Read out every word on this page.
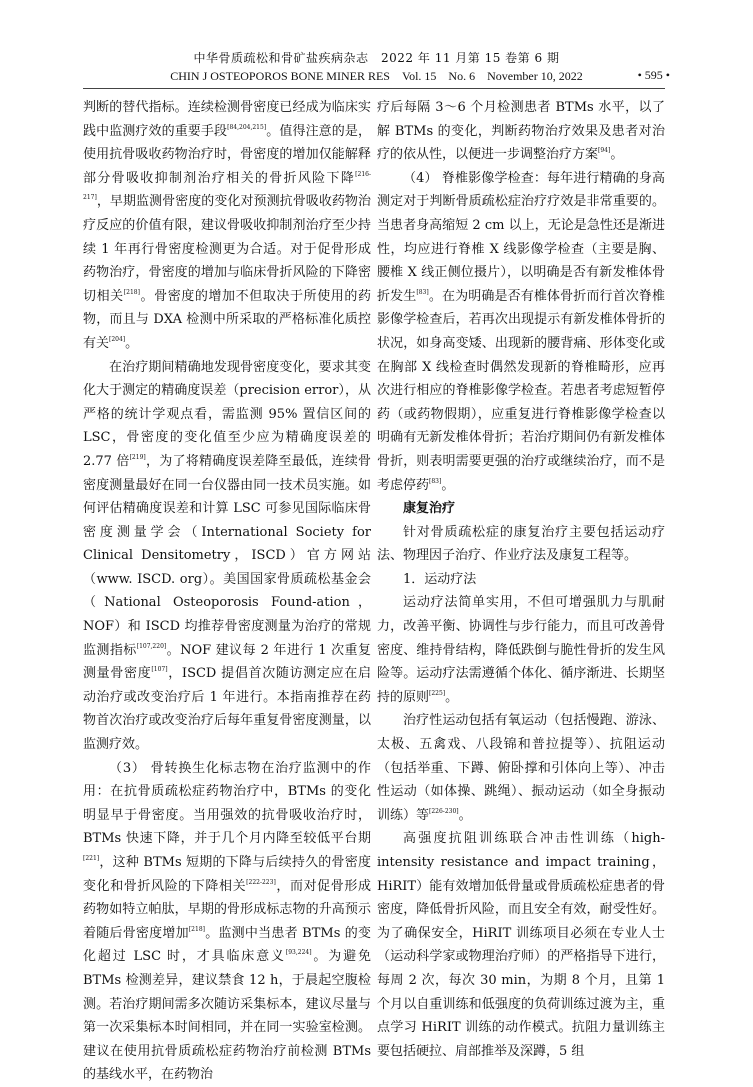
中华骨质疏松和骨矿盐疾病杂志　2022 年 11 月第 15 卷第 6 期
CHIN J OSTEOPOROS BONE MINER RES　Vol. 15　No. 6　November 10, 2022	• 595 •

判断的替代指标。连续检测骨密度已经成为临床实践中监测疗效的重要手段[84,204,215]。值得注意的是，使用抗骨吸收药物治疗时，骨密度的增加仅能解释部分骨吸收抑制剂治疗相关的骨折风险下降[216-217]，早期监测骨密度的变化对预测抗骨吸收药物治疗反应的价值有限，建议骨吸收抑制剂治疗至少持续 1 年再行骨密度检测更为合适。对于促骨形成药物治疗，骨密度的增加与临床骨折风险的下降密切相关[218]。骨密度的增加不但取决于所使用的药物，而且与 DXA 检测中所采取的严格标准化质控有关[204]。

在治疗期间精确地发现骨密度变化，要求其变化大于测定的精确度误差（precision error），从严格的统计学观点看，需监测 95% 置信区间的 LSC，骨密度的变化值至少应为精确度误差的 2.77 倍[219]，为了将精确度误差降至最低，连续骨密度测量最好在同一台仪器由同一技术员实施。如何评估精确度误差和计算 LSC 可参见国际临床骨密度测量学会（International Society for Clinical Densitometry，ISCD）官方网站（www. ISCD. org）。美国国家骨质疏松基金会（National Osteoporosis Found-ation，NOF）和 ISCD 均推荐骨密度测量为治疗的常规监测指标[107,220]。NOF 建议每 2 年进行 1 次重复测量骨密度[107]，ISCD 提倡首次随访测定应在启动治疗或改变治疗后 1 年进行。本指南推荐在药物首次治疗或改变治疗后每年重复骨密度测量，以监测疗效。

（3） 骨转换生化标志物在治疗监测中的作用：在抗骨质疏松症药物治疗中，BTMs 的变化明显早于骨密度。当用强效的抗骨吸收治疗时，BTMs 快速下降，并于几个月内降至较低平台期[221]，这种 BTMs 短期的下降与后续持久的骨密度变化和骨折风险的下降相关[222-223]，而对促骨形成药物如特立帕肽，早期的骨形成标志物的升高预示着随后骨密度增加[218]。监测中当患者 BTMs 的变化超过 LSC 时，才具临床意义[93,224]。为避免 BTMs 检测差异，建议禁食 12 h，于晨起空腹检测。若治疗期间需多次随访采集标本，建议尽量与第一次采集标本时间相同，并在同一实验室检测。建议在使用抗骨质疏松症药物治疗前检测 BTMs 的基线水平，在药物治

疗后每隔 3～6 个月检测患者 BTMs 水平，以了解 BTMs 的变化，判断药物治疗效果及患者对治疗的依从性，以便进一步调整治疗方案[94]。

（4） 脊椎影像学检查：每年进行精确的身高测定对于判断骨质疏松症治疗疗效是非常重要的。当患者身高缩短 2 cm 以上，无论是急性还是渐进性，均应进行脊椎 X 线影像学检查（主要是胸、腰椎 X 线正侧位摄片），以明确是否有新发椎体骨折发生[83]。在为明确是否有椎体骨折而行首次脊椎影像学检查后，若再次出现提示有新发椎体骨折的状况，如身高变矮、出现新的腰背痛、形体变化或在胸部 X 线检查时偶然发现新的脊椎畸形，应再次进行相应的脊椎影像学检查。若患者考虑短暂停药（或药物假期），应重复进行脊椎影像学检查以明确有无新发椎体骨折；若治疗期间仍有新发椎体骨折，则表明需要更强的治疗或继续治疗，而不是考虑停药[83]。

康复治疗

针对骨质疏松症的康复治疗主要包括运动疗法、物理因子治疗、作业疗法及康复工程等。

1．运动疗法

运动疗法简单实用，不但可增强肌力与肌耐力，改善平衡、协调性与步行能力，而且可改善骨密度、维持骨结构，降低跌倒与脆性骨折的发生风险等。运动疗法需遵循个体化、循序渐进、长期坚持的原则[225]。

治疗性运动包括有氧运动（包括慢跑、游泳、太极、五禽戏、八段锦和普拉提等）、抗阻运动（包括举重、下蹲、俯卧撑和引体向上等）、冲击性运动（如体操、跳绳）、振动运动（如全身振动训练）等[226-230]。

高强度抗阻训练联合冲击性训练（high-intensity resistance and impact training，HiRIT）能有效增加低骨量或骨质疏松症患者的骨密度，降低骨折风险，而且安全有效，耐受性好。为了确保安全，HiRIT 训练项目必须在专业人士（运动科学家或物理治疗师）的严格指导下进行，每周 2 次，每次 30 min，为期 8 个月，且第 1 个月以自重训练和低强度的负荷训练过渡为主，重点学习 HiRIT 训练的动作模式。抗阻力量训练主要包括硬拉、肩部推举及深蹲，5 组
